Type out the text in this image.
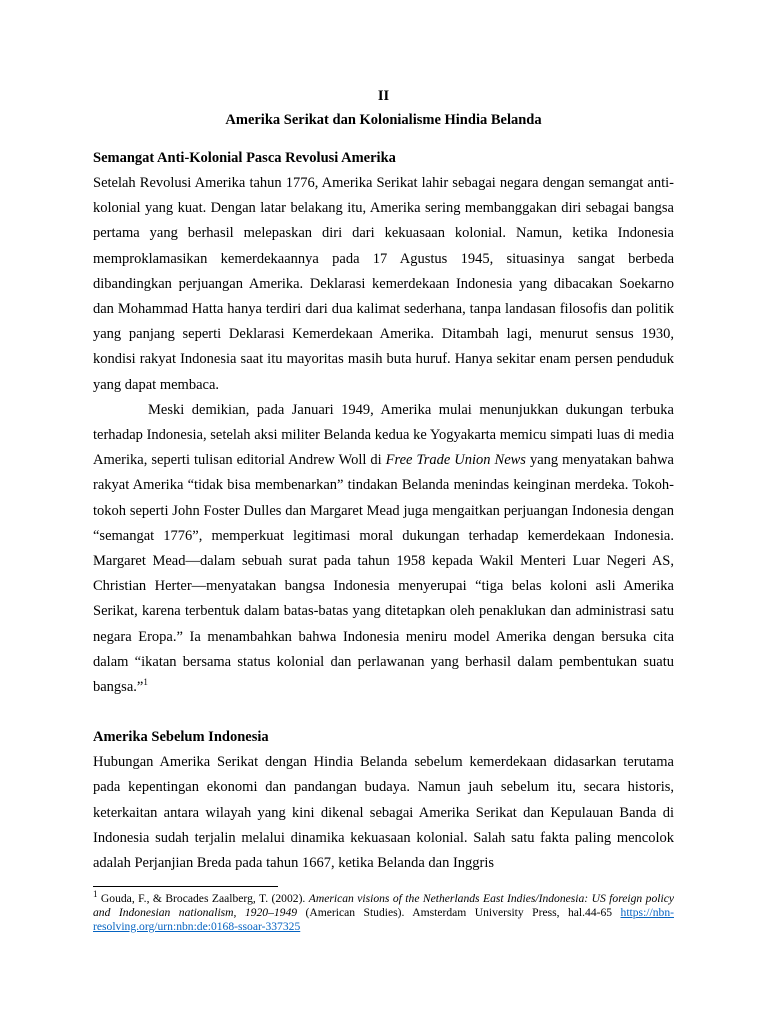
II

Amerika Serikat dan Kolonialisme Hindia Belanda

Semangat Anti-Kolonial Pasca Revolusi Amerika

Setelah Revolusi Amerika tahun 1776, Amerika Serikat lahir sebagai negara dengan semangat anti-kolonial yang kuat. Dengan latar belakang itu, Amerika sering membanggakan diri sebagai bangsa pertama yang berhasil melepaskan diri dari kekuasaan kolonial. Namun, ketika Indonesia memproklamasikan kemerdekaannya pada 17 Agustus 1945, situasinya sangat berbeda dibandingkan perjuangan Amerika. Deklarasi kemerdekaan Indonesia yang dibacakan Soekarno dan Mohammad Hatta hanya terdiri dari dua kalimat sederhana, tanpa landasan filosofis dan politik yang panjang seperti Deklarasi Kemerdekaan Amerika. Ditambah lagi, menurut sensus 1930, kondisi rakyat Indonesia saat itu mayoritas masih buta huruf. Hanya sekitar enam persen penduduk yang dapat membaca.

Meski demikian, pada Januari 1949, Amerika mulai menunjukkan dukungan terbuka terhadap Indonesia, setelah aksi militer Belanda kedua ke Yogyakarta memicu simpati luas di media Amerika, seperti tulisan editorial Andrew Woll di Free Trade Union News yang menyatakan bahwa rakyat Amerika “tidak bisa membenarkan” tindakan Belanda menindas keinginan merdeka. Tokoh-tokoh seperti John Foster Dulles dan Margaret Mead juga mengaitkan perjuangan Indonesia dengan “semangat 1776”, memperkuat legitimasi moral dukungan terhadap kemerdekaan Indonesia. Margaret Mead—dalam sebuah surat pada tahun 1958 kepada Wakil Menteri Luar Negeri AS, Christian Herter—menyatakan bangsa Indonesia menyerupai “tiga belas koloni asli Amerika Serikat, karena terbentuk dalam batas-batas yang ditetapkan oleh penaklukan dan administrasi satu negara Eropa.” Ia menambahkan bahwa Indonesia meniru model Amerika dengan bersuka cita dalam “ikatan bersama status kolonial dan perlawanan yang berhasil dalam pembentukan suatu bangsa.”$^1$

Amerika Sebelum Indonesia

Hubungan Amerika Serikat dengan Hindia Belanda sebelum kemerdekaan didasarkan terutama pada kepentingan ekonomi dan pandangan budaya. Namun jauh sebelum itu, secara historis, keterkaitan antara wilayah yang kini dikenal sebagai Amerika Serikat dan Kepulauan Banda di Indonesia sudah terjalin melalui dinamika kekuasaan kolonial. Salah satu fakta paling mencolok adalah Perjanjian Breda pada tahun 1667, ketika Belanda dan Inggris

$^1$ Gouda, F., & Brocades Zaalberg, T. (2002). American visions of the Netherlands East Indies/Indonesia: US foreign policy and Indonesian nationalism, 1920–1949 (American Studies). Amsterdam University Press, hal.44-65 https://nbn-resolving.org/urn:nbn:de:0168-ssoar-337325
